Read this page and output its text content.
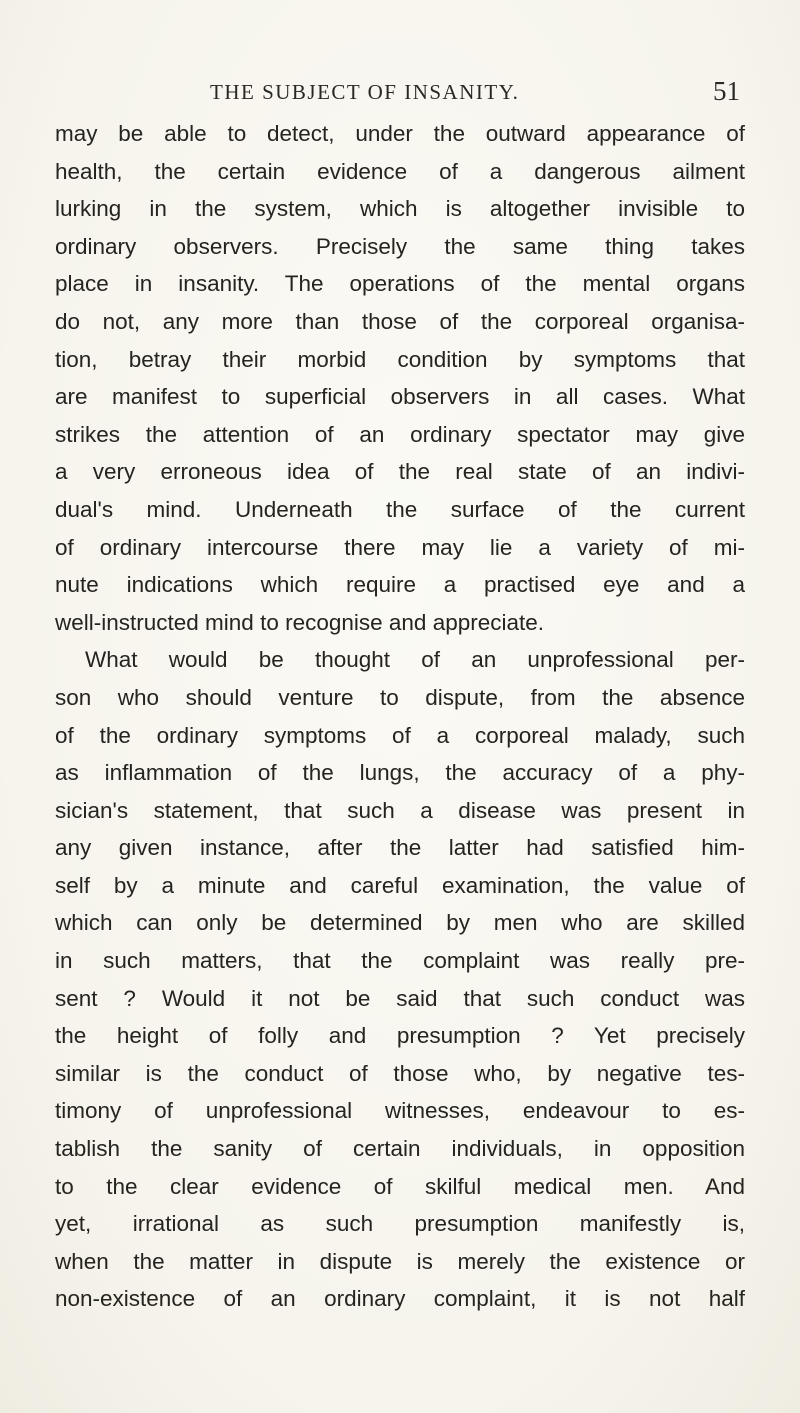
THE SUBJECT OF INSANITY.	51
may be able to detect, under the outward appearance of
health, the certain evidence of a dangerous ailment
lurking in the system, which is altogether invisible to
ordinary observers. Precisely the same thing takes
place in insanity. The operations of the mental organs
do not, any more than those of the corporeal organisa-
tion, betray their morbid condition by symptoms that
are manifest to superficial observers in all cases. What
strikes the attention of an ordinary spectator may give
a very erroneous idea of the real state of an indivi-
dual's mind. Underneath the surface of the current
of ordinary intercourse there may lie a variety of mi-
nute indications which require a practised eye and a
well-instructed mind to recognise and appreciate.
What would be thought of an unprofessional per-
son who should venture to dispute, from the absence
of the ordinary symptoms of a corporeal malady, such
as inflammation of the lungs, the accuracy of a phy-
sician's statement, that such a disease was present in
any given instance, after the latter had satisfied him-
self by a minute and careful examination, the value of
which can only be determined by men who are skilled
in such matters, that the complaint was really pre-
sent ? Would it not be said that such conduct was
the height of folly and presumption ? Yet precisely
similar is the conduct of those who, by negative tes-
timony of unprofessional witnesses, endeavour to es-
tablish the sanity of certain individuals, in opposition
to the clear evidence of skilful medical men. And
yet, irrational as such presumption manifestly is,
when the matter in dispute is merely the existence or
non-existence of an ordinary complaint, it is not half
